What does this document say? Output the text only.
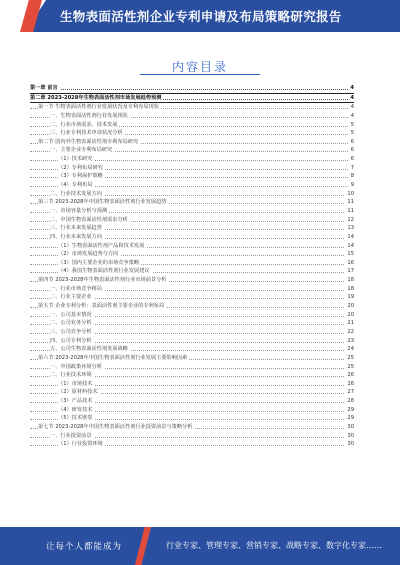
生物表面活性剂企业专利申请及布局策略研究报告
内容目录
第一章 前言	4
第二章 2023-2028年生物表面活性剂市场发展趋势预测	4
第一节 生物表面活性剂行业发展状况及专利布局现状	4
一、生物表面活性剂行业发展现状	4
二、行业市场需求、技术发展	5
三、行业专利技术申请状况分析	5
第二节 国内外生物表面活性剂专利布局研究	6
一、主要企业专利布局研究	6
（1）技术研究	6
（2）专利布局研究	7
（3）专利保护策略	8
（4）专利布局	9
二、行业技术发展方向	10
第三节 2023-2028年中国生物表面活性剂行业发展趋势	11
一、市场容量分析与预测	11
二、中国生物表面活性剂需求分析	12
三、行业未来发展趋势	13
四、行业未来发展方向	14
（1）生物表面活性剂产品和技术发展	14
（2）市场发展趋势与方向	15
（3）国内主要企业的市场竞争策略	16
（4）我国生物表面活性剂行业发展建议	17
第四节 2023-2028年生物表面活性剂行业市场前景分析	18
一、行业市场竞争格局	18
二、行业主要企业	19
第五节 企业专利分析：表面活性剂主要企业的专利布局	20
一、公司基本情况	20
二、公司业务分析	21
三、公司竞争分析	22
四、公司专利分析	23
五、公司生物表面活性剂发展战略	24
第六节 2023-2028年中国生物表面活性剂行业发展主要影响因素	25
一、中国政策环境分析	25
二、行业技术环境	26
（1）市场技术	26
（2）原材料技术	27
（3）产品技术	28
（4）研发技术	29
（5）技术壁垒	29
第七节 2023-2028年中国生物表面活性剂行业投资前景与策略分析	30
一、行业投资前景	30
（1）行业投资环境	30
让每个人都能成为	行业专家、管理专家、营销专家、战略专家、数字化专家……
